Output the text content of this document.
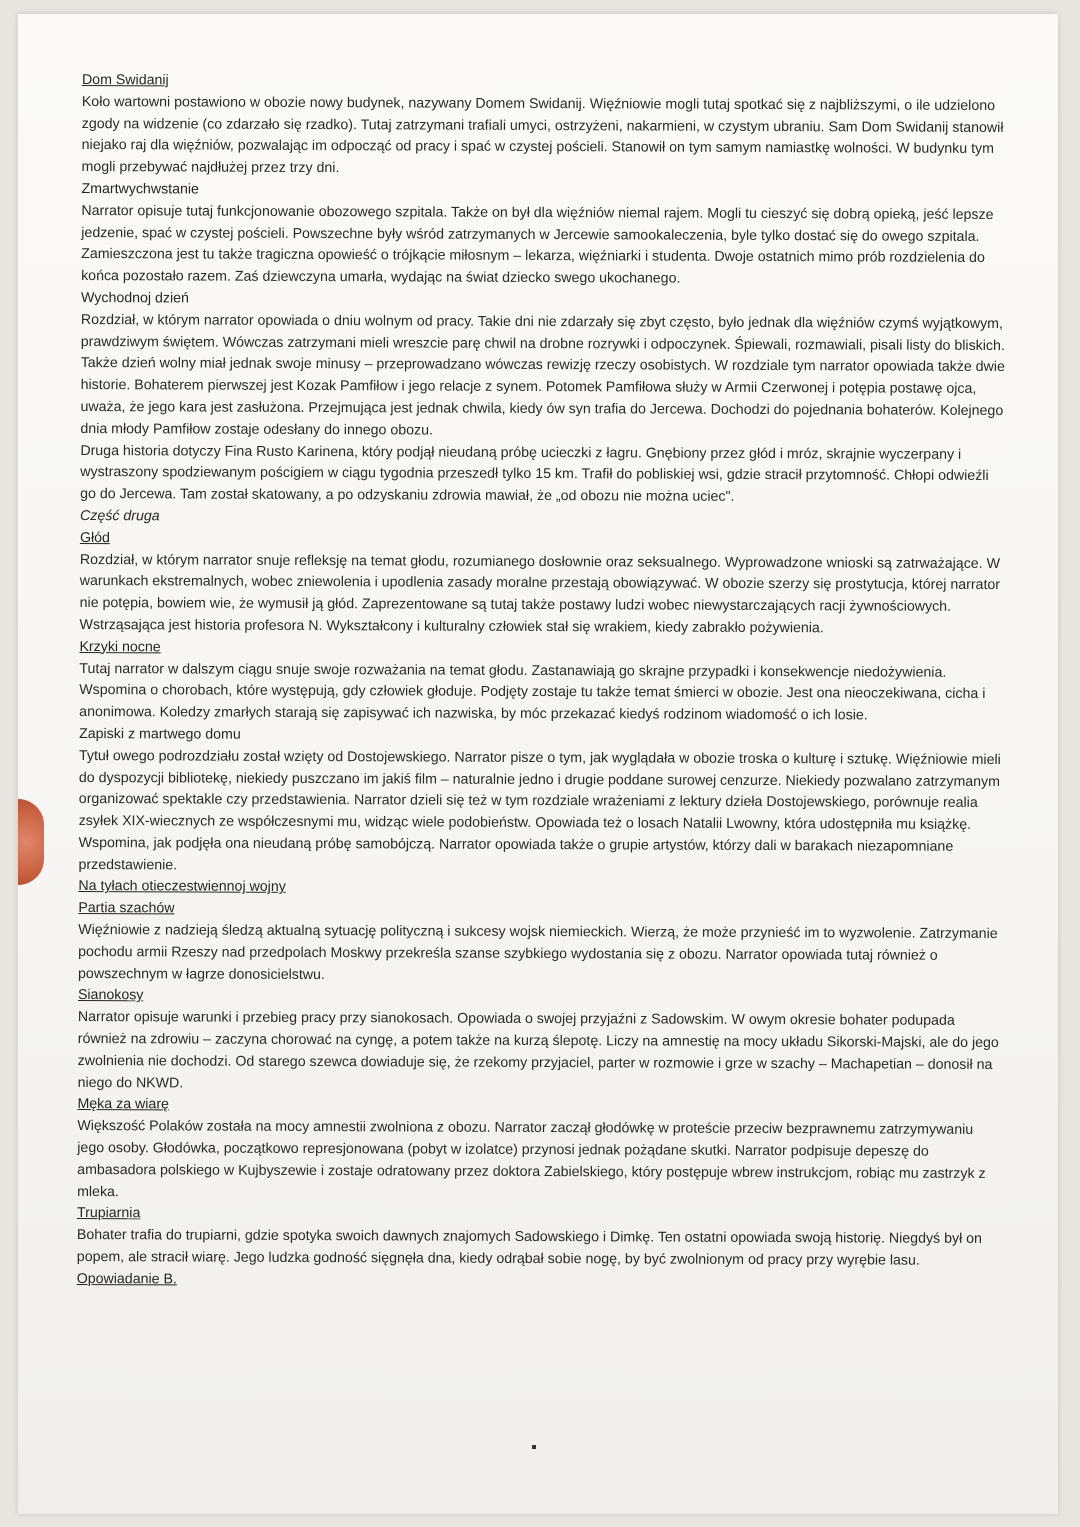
Dom Swidanij

Koło wartowni postawiono w obozie nowy budynek, nazywany Domem Swidanij. Więźniowie mogli tutaj spotkać się z najbliższymi, o ile udzielono zgody na widzenie (co zdarzało się rzadko). Tutaj zatrzymani trafiali umyci, ostrzyżeni, nakarmieni, w czystym ubraniu. Sam Dom Swidanij stanowił niejako raj dla więźniów, pozwalając im odpocząć od pracy i spać w czystej pościeli. Stanowił on tym samym namiastkę wolności. W budynku tym mogli przebywać najdłużej przez trzy dni.

Zmartwychwstanie

Narrator opisuje tutaj funkcjonowanie obozowego szpitala. Także on był dla więźniów niemal rajem. Mogli tu cieszyć się dobrą opieką, jeść lepsze jedzenie, spać w czystej pościeli. Powszechne były wśród zatrzymanych w Jercewie samookaleczenia, byle tylko dostać się do owego szpitala. Zamieszczona jest tu także tragiczna opowieść o trójkącie miłosnym – lekarza, więźniarki i studenta. Dwoje ostatnich mimo prób rozdzielenia do końca pozostało razem. Zaś dziewczyna umarła, wydając na świat dziecko swego ukochanego.

Wychodnoj dzień

Rozdział, w którym narrator opowiada o dniu wolnym od pracy. Takie dni nie zdarzały się zbyt często, było jednak dla więźniów czymś wyjątkowym, prawdziwym świętem. Wówczas zatrzymani mieli wreszcie parę chwil na drobne rozrywki i odpoczynek. Śpiewali, rozmawiali, pisali listy do bliskich. Także dzień wolny miał jednak swoje minusy – przeprowadzano wówczas rewizję rzeczy osobistych. W rozdziale tym narrator opowiada także dwie historie. Bohaterem pierwszej jest Kozak Pamfiłow i jego relacje z synem. Potomek Pamfiłowa służy w Armii Czerwonej i potępia postawę ojca, uważa, że jego kara jest zasłużona. Przejmująca jest jednak chwila, kiedy ów syn trafia do Jercewa. Dochodzi do pojednania bohaterów. Kolejnego dnia młody Pamfiłow zostaje odesłany do innego obozu.

Druga historia dotyczy Fina Rusto Karinena, który podjął nieudaną próbę ucieczki z łagru. Gnębiony przez głód i mróz, skrajnie wyczerpany i wystraszony spodziewanym pościgiem w ciągu tygodnia przeszedł tylko 15 km. Trafił do pobliskiej wsi, gdzie stracił przytomność. Chłopi odwieźli go do Jercewa. Tam został skatowany, a po odzyskaniu zdrowia mawiał, że „od obozu nie można uciec".

Część druga
Głód

Rozdział, w którym narrator snuje refleksję na temat głodu, rozumianego dosłownie oraz seksualnego. Wyprowadzone wnioski są zatrważające. W warunkach ekstremalnych, wobec zniewolenia i upodlenia zasady moralne przestają obowiązywać. W obozie szerzy się prostytucja, której narrator nie potępia, bowiem wie, że wymusił ją głód. Zaprezentowane są tutaj także postawy ludzi wobec niewystarczających racji żywnościowych. Wstrząsająca jest historia profesora N. Wykształcony i kulturalny człowiek stał się wrakiem, kiedy zabrakło pożywienia.

Krzyki nocne

Tutaj narrator w dalszym ciągu snuje swoje rozważania na temat głodu. Zastanawiają go skrajne przypadki i konsekwencje niedożywienia. Wspomina o chorobach, które występują, gdy człowiek głoduje. Podjęty zostaje tu także temat śmierci w obozie. Jest ona nieoczekiwana, cicha i anonimowa. Koledzy zmarłych starają się zapisywać ich nazwiska, by móc przekazać kiedyś rodzinom wiadomość o ich losie.

Zapiski z martwego domu

Tytuł owego podrozdziału został wzięty od Dostojewskiego. Narrator pisze o tym, jak wyglądała w obozie troska o kulturę i sztukę. Więźniowie mieli do dyspozycji bibliotekę, niekiedy puszczano im jakiś film – naturalnie jedno i drugie poddane surowej cenzurze. Niekiedy pozwalano zatrzymanym organizować spektakle czy przedstawienia. Narrator dzieli się też w tym rozdziale wrażeniami z lektury dzieła Dostojewskiego, porównuje realia zsyłek XIX-wiecznych ze współczesnymi mu, widząc wiele podobieństw. Opowiada też o losach Natalii Lwowny, która udostępniła mu książkę. Wspomina, jak podjęła ona nieudaną próbę samobójczą. Narrator opowiada także o grupie artystów, którzy dali w barakach niezapomniane przedstawienie.

Na tyłach otieczestwiennoj wojny
Partia szachów

Więźniowie z nadzieją śledzą aktualną sytuację polityczną i sukcesy wojsk niemieckich. Wierzą, że może przynieść im to wyzwolenie. Zatrzymanie pochodu armii Rzeszy nad przedpolach Moskwy przekreśla szanse szybkiego wydostania się z obozu. Narrator opowiada tutaj również o powszechnym w łagrze donosicielstwu.

Sianokosy

Narrator opisuje warunki i przebieg pracy przy sianokosach. Opowiada o swojej przyjaźni z Sadowskim. W owym okresie bohater podupada również na zdrowiu – zaczyna chorować na cyngę, a potem także na kurzą ślepotę. Liczy na amnestię na mocy układu Sikorski-Majski, ale do jego zwolnienia nie dochodzi. Od starego szewca dowiaduje się, że rzekomy przyjaciel, parter w rozmowie i grze w szachy – Machapetian – donosił na niego do NKWD.

Męka za wiarę

Większość Polaków została na mocy amnestii zwolniona z obozu. Narrator zaczął głodówkę w proteście przeciw bezprawnemu zatrzymywaniu jego osoby. Głodówka, początkowo represjonowana (pobyt w izolatce) przynosi jednak pożądane skutki. Narrator podpisuje depeszę do ambasadora polskiego w Kujbyszewie i zostaje odratowany przez doktora Zabielskiego, który postępuje wbrew instrukcjom, robiąc mu zastrzyk z mleka.

Trupiarnia

Bohater trafia do trupiarni, gdzie spotyka swoich dawnych znajomych Sadowskiego i Dimkę. Ten ostatni opowiada swoją historię. Niegdyś był on popem, ale stracił wiarę. Jego ludzka godność sięgnęła dna, kiedy odrąbał sobie nogę, by być zwolnionym od pracy przy wyrębie lasu.

Opowiadanie B.
